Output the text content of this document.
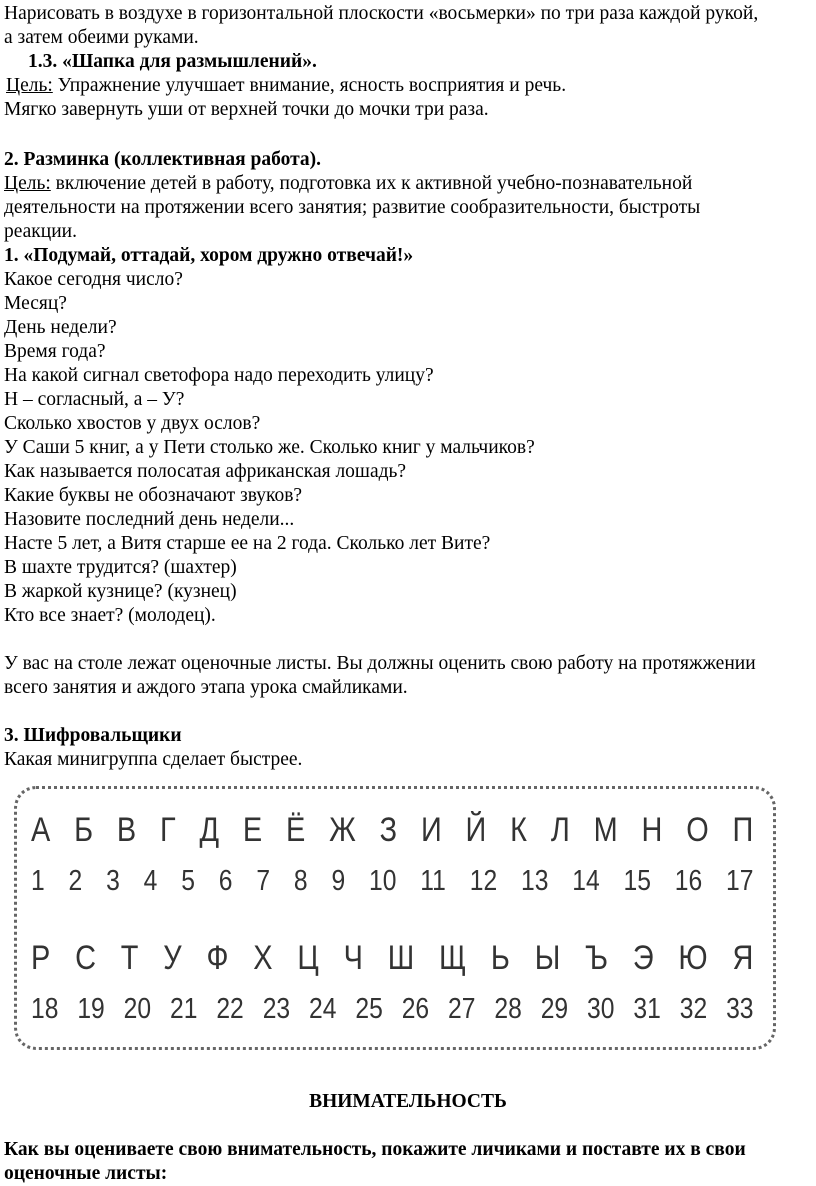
Нарисовать в воздухе в горизонтальной плоскости «восьмерки» по три раза каждой рукой,
а затем обеими руками.
1.3. «Шапка для размышлений».
Цель: Упражнение улучшает внимание, ясность восприятия и речь.
Мягко завернуть уши от верхней точки до мочки три раза.
2. Разминка (коллективная работа).
Цель: включение детей в работу, подготовка их к активной учебно-познавательной
деятельности на протяжении всего занятия; развитие сообразительности, быстроты
реакции.
1. «Подумай, оттадай, хором дружно отвечай!»
Какое сегодня число?
Месяц?
День недели?
Время года?
На какой сигнал светофора надо переходить улицу?
Н – согласный, а – У?
Сколько хвостов у двух ослов?
У Саши 5 книг, а у Пети столько же. Сколько книг у мальчиков?
Как называется полосатая африканская лошадь?
Какие буквы не обозначают звуков?
Назовите последний день недели...
Насте 5 лет, а Витя старше ее на 2 года. Сколько лет Вите?
В шахте трудится? (шахтер)
В жаркой кузнице? (кузнец)
Кто все знает? (молодец).
У вас на столе лежат оценочные листы. Вы должны оценить свою работу на протяжжении
всего занятия и аждого этапа урока смайликами.
3. Шифровальщики
Какая минигруппа сделает быстрее.
А Б В Г Д Е Ё Ж З И Й К Л М Н О П
1 2 3 4 5 6 7 8 9 10 11 12 13 14 15 16 17
Р С Т У Ф Х Ц Ч Ш Щ Ь Ы Ъ Э Ю Я
18 19 20 21 22 23 24 25 26 27 28 29 30 31 32 33
ВНИМАТЕЛЬНОСТЬ
Как вы оцениваете свою внимательность, покажите личиками и поставте их в свои
оценочные листы:
